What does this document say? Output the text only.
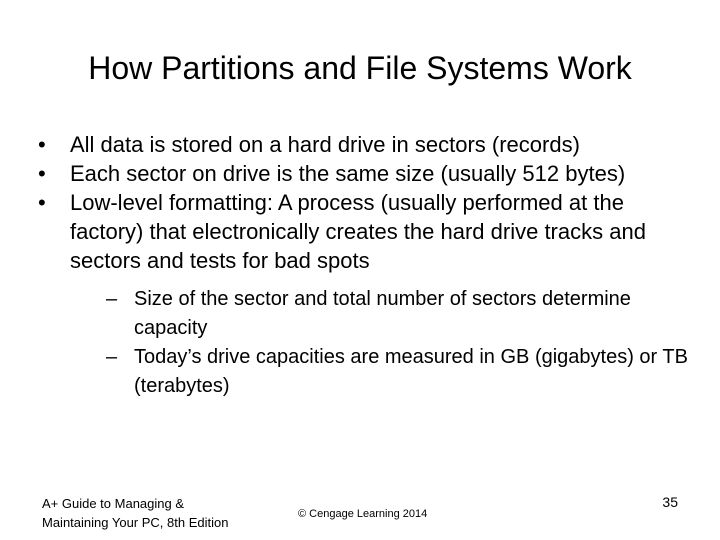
How Partitions and File Systems Work
•	All data is stored on a hard drive in sectors (records)
•	Each sector on drive is the same size (usually 512 bytes)
•	Low-level formatting: A process (usually performed at the factory) that electronically creates the hard drive tracks and sectors and tests for bad spots
– Size of the sector and total number of sectors determine capacity
– Today’s drive capacities are measured in GB (gigabytes) or TB (terabytes)
A+ Guide to Managing &
Maintaining Your PC, 8th Edition
© Cengage Learning 2014
35
